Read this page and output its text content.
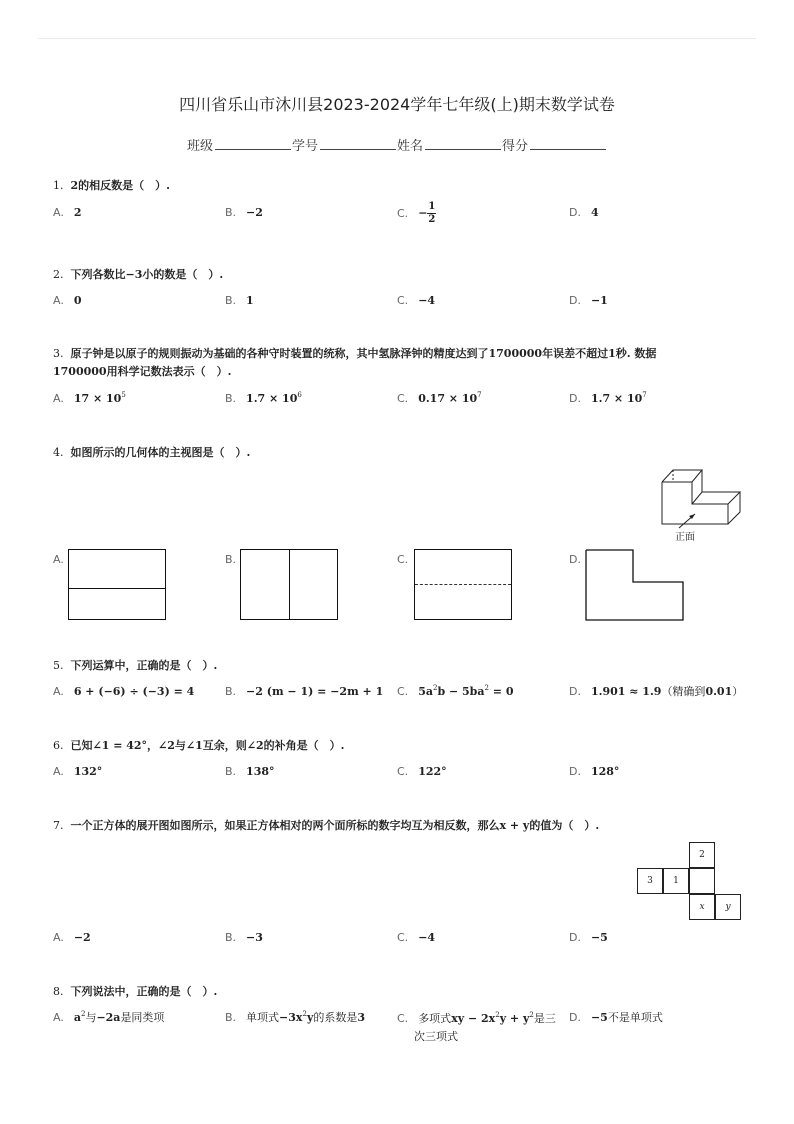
四川省乐山市沐川县2023-2024学年七年级(上)期末数学试卷
班级	学号	姓名	得分
1. 2的相反数是（　）.
A. 2	B. −2	C. − $\frac{1}{2}$	D. 4
2. 下列各数比−3小的数是（　）.
A. 0	B. 1	C. −4	D. −1
3. 原子钟是以原子的规则振动为基础的各种守时装置的统称，其中氢脉泽钟的精度达到了1700000年误差不超过1秒. 数据
1700000用科学记数法表示（　）.
A. $17 \times 10^5$	B. $1.7 \times 10^6$	C. $0.17 \times 10^7$	D. $1.7 \times 10^7$
4. 如图所示的几何体的主视图是（　）.
正面
A.	B.	C.	D.
5. 下列运算中，正确的是（　）.
A. 6 + (−6) ÷ (−3) = 4	B. −2 (m − 1) = −2m + 1 C. $5a^2b - 5ba^2 = 0$	D. 1.901 ≈ 1.9（精确到0.01）
6. 已知∠1 = 42°，∠2与∠1互余，则∠2的补角是（　）.
A. 132°	B. 138°	C. 122°	D. 128°
7. 一个正方体的展开图如图所示，如果正方体相对的两个面所标的数字均互为相反数，那么x + y的值为（　）.
2
3	1
x	y
A. −2	B. −3	C. −4	D. −5
8. 下列说法中，正确的是（　）.
A. $a^2$与−2a是同类项	B. 单项式$-3x^2y$的系数是3	C. 多项式xy − $2x^2y + y^2$是三
次三项式
D. −5不是单项式
